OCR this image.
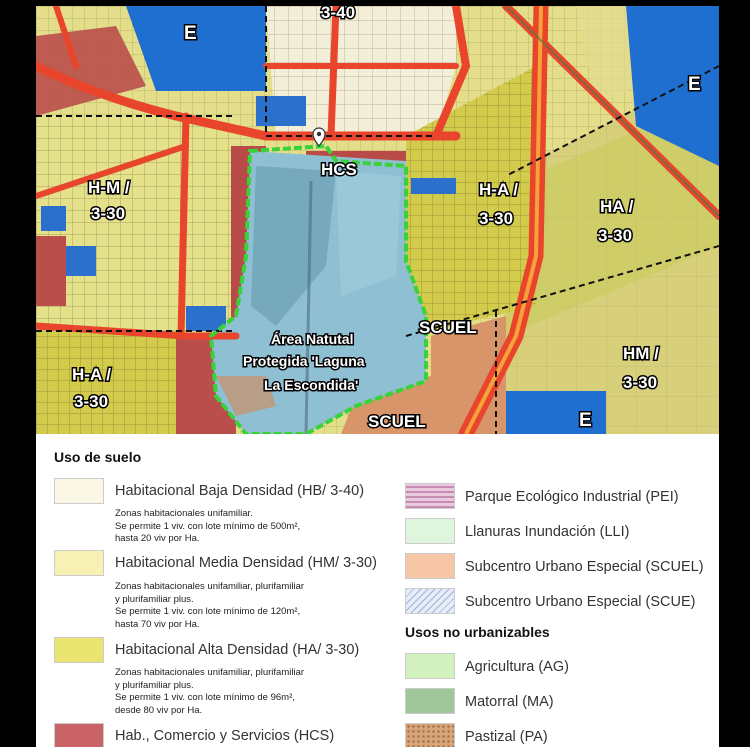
3-40
E
E
E
H-M /
3-30
HCS
H-A /
3-30
HA /
3-30
SCUEL
SCUEL
H-A /
3-30
HM /
3-30
Área Natutal
Protegida 'Laguna
La Escondida'
Uso de suelo
Habitacional Baja Densidad (HB/ 3-40)
Zonas habitacionales unifamiliar.
Se permite 1 viv. con lote mínimo de 500m²,
hasta 20 viv por Ha.
Habitacional Media Densidad (HM/ 3-30)
Zonas habitacionales unifamiliar, plurifamiliar
y plurifamiliar plus.
Se permite 1 viv. con lote mínimo de 120m²,
hasta 70 viv por Ha.
Habitacional Alta Densidad (HA/ 3-30)
Zonas habitacionales unifamiliar, plurifamiliar
y plurifamiliar plus.
Se permite 1 viv. con lote mínimo de 96m²,
desde 80 viv por Ha.
Hab., Comercio y Servicios (HCS)
Parque Ecológico Industrial (PEI)
Llanuras Inundación (LLI)
Subcentro Urbano Especial (SCUEL)
Subcentro Urbano Especial (SCUE)
Usos no urbanizables
Agricultura (AG)
Matorral (MA)
Pastizal (PA)
